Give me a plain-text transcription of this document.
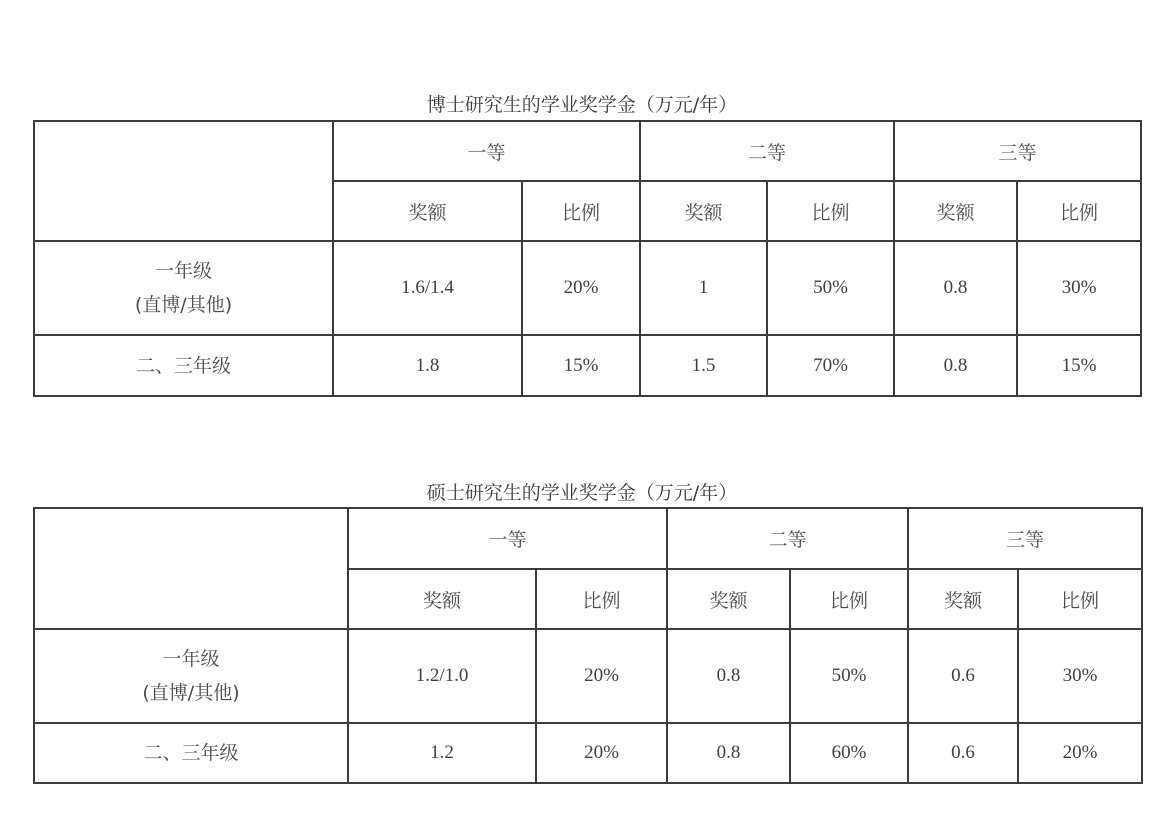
博士研究生的学业奖学金（万元/年）
	一等		二等		三等	
	奖额	比例	奖额	比例	奖额	比例

一年级
(直博/其他)	1.6/1.4	20%	1	50%	0.8	30%

二、三年级	1.8	15%	1.5	70%	0.8	15%
硕士研究生的学业奖学金（万元/年）
	一等		二等		三等	
	奖额	比例	奖额	比例	奖额	比例

一年级
(直博/其他)	1.2/1.0	20%	0.8	50%	0.6	30%

二、三年级	1.2	20%	0.8	60%	0.6	20%
